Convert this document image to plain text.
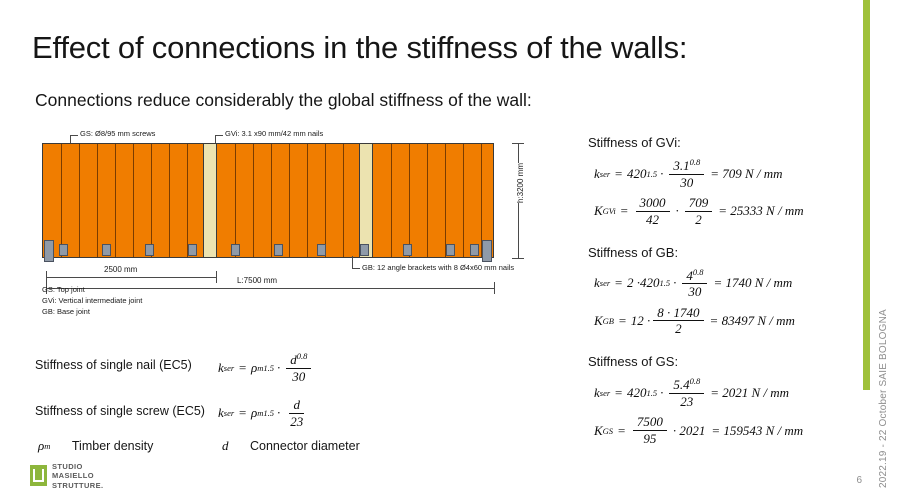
2022.19 - 22 October SAIE BOLOGNA
Effect of connections in the stiffness of the walls:
Connections reduce considerably the global stiffness of the wall:
GS: Ø8/95 mm screws	GVi: 3.1 x90 mm/42 mm nails
GB: 12 angle brackets with 8 Ø4x60 mm nails
2500 mm
L:7500 mm
h:3200 mm
GS: Top joint
GVi: Vertical intermediate joint
GB: Base joint
Stiffness of single nail (EC5) k ser = ρ m $1.5 \cdot \frac{d^{0.8}}{30}$
Stiffness of single screw (EC5) k ser = ρ m $1.5 \cdot \frac{d}{23}$
ρ m Timber density	d Connector diameter
Stiffness of GVi:
k ser = 420 $1.5 \cdot \frac{3.1^{0.8}}{30} = 709$ N / mm
K GVi = $\frac{3000}{42} \cdot \frac{709}{2} = 25333$ N / mm
Stiffness of GB:
k ser = 2 · 420 $1.5 \cdot \frac{4^{0.8}}{30} = 1740$ N / mm
K GB = $12 \cdot \frac{8 \cdot 1740}{2} = 83497$ N / mm
Stiffness of GS:
k ser = 420 $1.5 \cdot \frac{5.4^{0.8}}{23} = 2021$ N / mm
K GS = $\frac{7500}{95} \cdot 2021 = 159543$ N / mm
STUDIO
MASIELLO
STRUTTURE.	6
